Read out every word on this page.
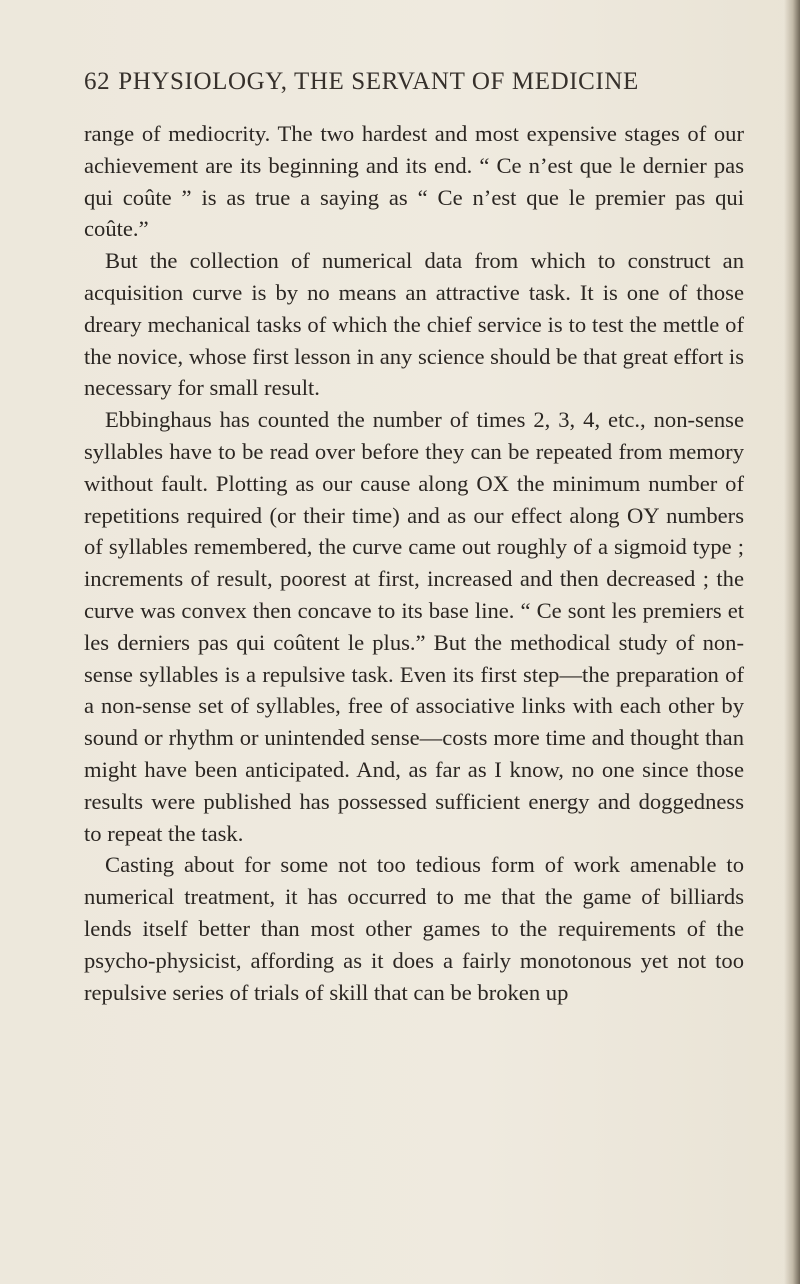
62 PHYSIOLOGY, THE SERVANT OF MEDICINE

range of mediocrity. The two hardest and most expensive stages of our achievement are its beginning and its end. “ Ce n’est que le dernier pas qui coûte ” is as true a saying as “ Ce n’est que le premier pas qui coûte.”

But the collection of numerical data from which to construct an acquisition curve is by no means an attractive task. It is one of those dreary mechanical tasks of which the chief service is to test the mettle of the novice, whose first lesson in any science should be that great effort is necessary for small result.

Ebbinghaus has counted the number of times 2, 3, 4, etc., non-sense syllables have to be read over before they can be repeated from memory without fault. Plotting as our cause along OX the minimum number of repetitions required (or their time) and as our effect along OY numbers of syllables remembered, the curve came out roughly of a sigmoid type ; increments of result, poorest at first, increased and then decreased ; the curve was convex then concave to its base line. “ Ce sont les premiers et les derniers pas qui coûtent le plus.” But the methodical study of non-sense syllables is a repulsive task. Even its first step—the preparation of a non-sense set of syllables, free of associative links with each other by sound or rhythm or unintended sense—costs more time and thought than might have been anticipated. And, as far as I know, no one since those results were published has possessed sufficient energy and doggedness to repeat the task.

Casting about for some not too tedious form of work amenable to numerical treatment, it has occurred to me that the game of billiards lends itself better than most other games to the requirements of the psycho-physicist, affording as it does a fairly monotonous yet not too repulsive series of trials of skill that can be broken up
